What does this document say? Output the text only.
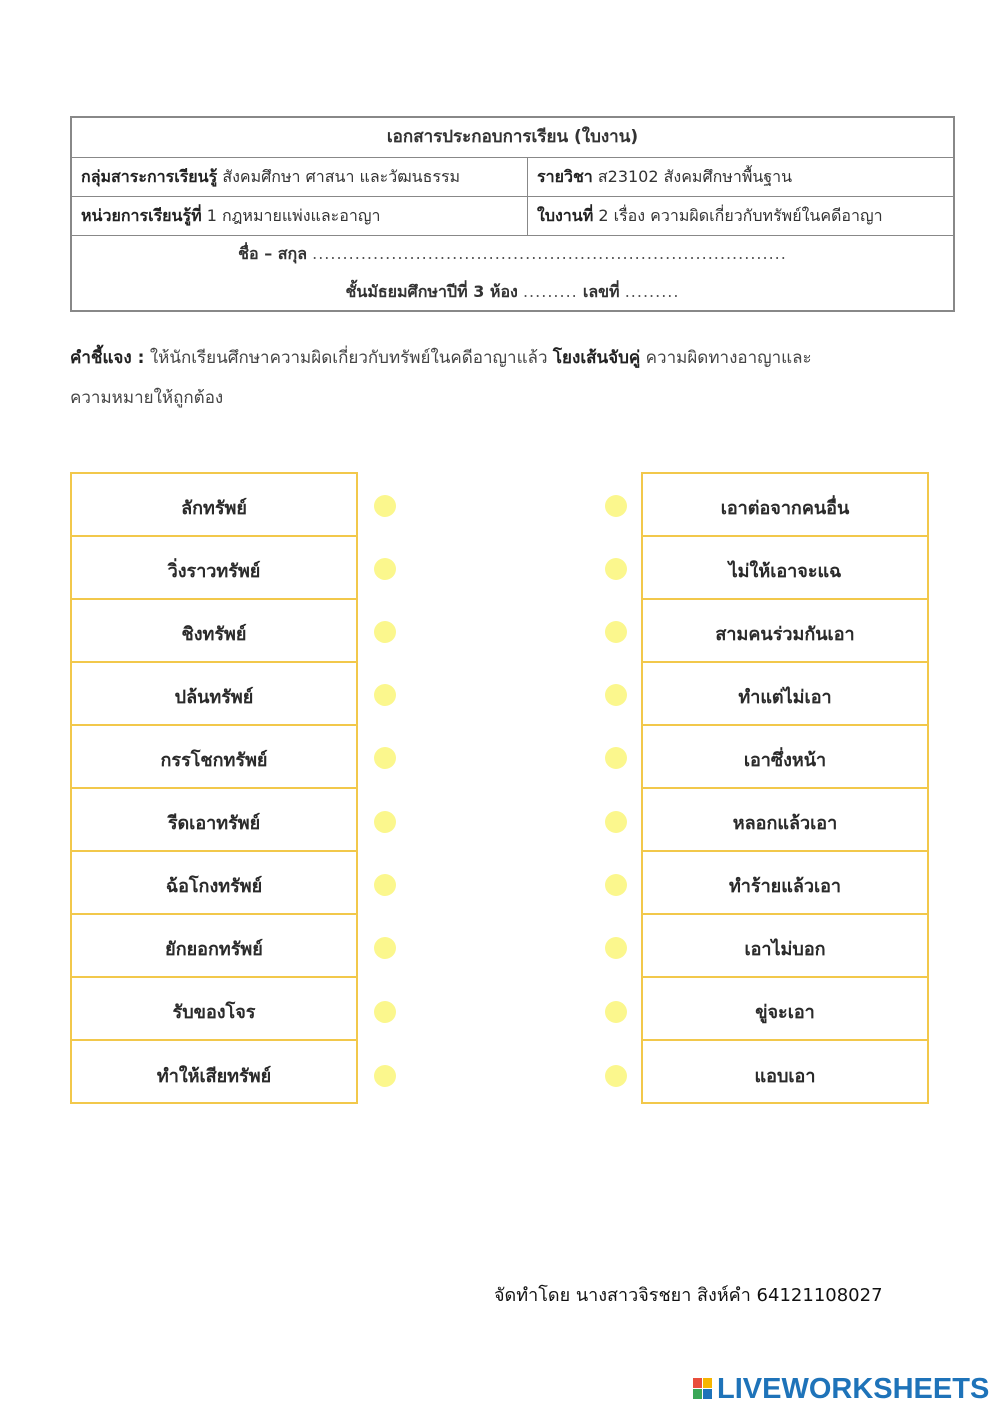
เอกสารประกอบการเรียน (ใบงาน)
กลุ่มสาระการเรียนรู้ สังคมศึกษา ศาสนา และวัฒนธรรม	รายวิชา ส23102 สังคมศึกษาพื้นฐาน
หน่วยการเรียนรู้ที่ 1 กฎหมายแพ่งและอาญา	ใบงานที่ 2 เรื่อง ความผิดเกี่ยวกับทรัพย์ในคดีอาญา
ชื่อ – สกุล ..............................................................................
ชั้นมัธยมศึกษาปีที่ 3 ห้อง ......... เลขที่ .........
คำชี้แจง : ให้นักเรียนศึกษาความผิดเกี่ยวกับทรัพย์ในคดีอาญาแล้ว โยงเส้นจับคู่ ความผิดทางอาญาและ
ความหมายให้ถูกต้อง
ลักทรัพย์
วิ่งราวทรัพย์
ชิงทรัพย์
ปล้นทรัพย์
กรรโชกทรัพย์
รีดเอาทรัพย์
ฉ้อโกงทรัพย์
ยักยอกทรัพย์
รับของโจร
ทำให้เสียทรัพย์
เอาต่อจากคนอื่น
ไม่ให้เอาจะแฉ
สามคนร่วมกันเอา
ทำแต่ไม่เอา
เอาซึ่งหน้า
หลอกแล้วเอา
ทำร้ายแล้วเอา
เอาไม่บอก
ขู่จะเอา
แอบเอา
จัดทำโดย นางสาวจิรชยา สิงห์คำ 64121108027
LIVEWORKSHEETS
